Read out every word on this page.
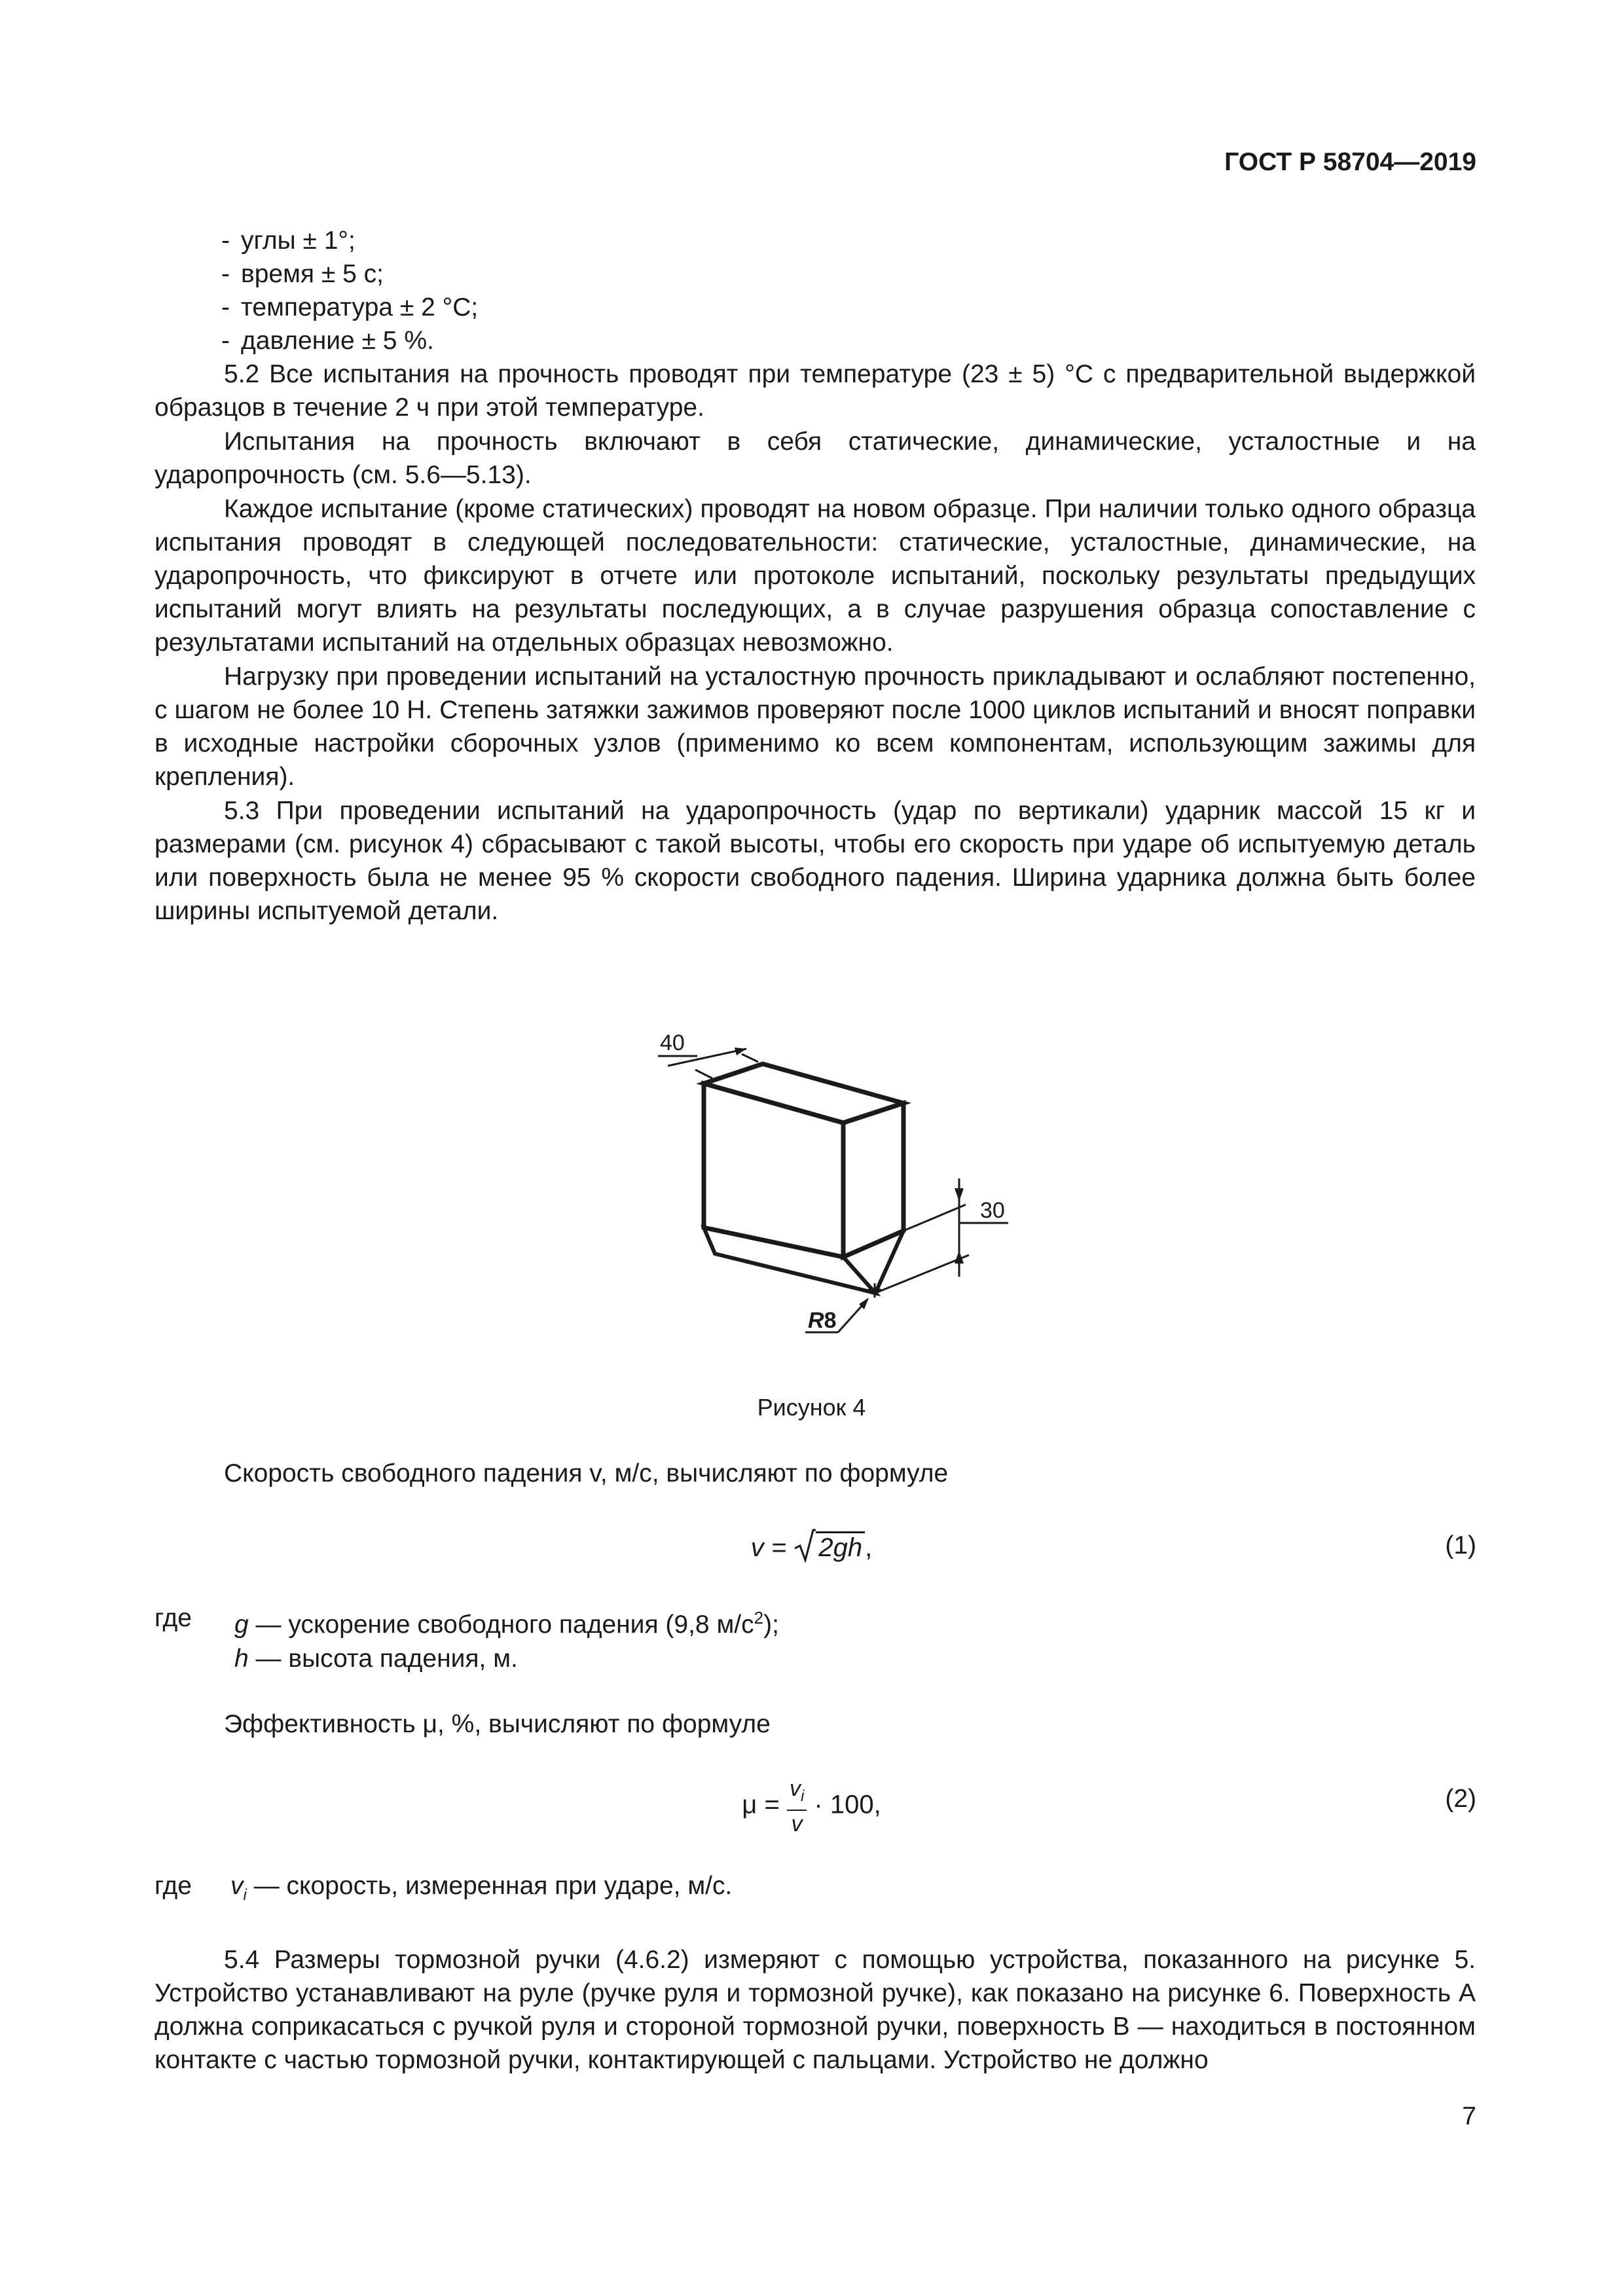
ГОСТ Р 58704—2019
- углы ± 1°;
- время ± 5 с;
- температура ± 2 °С;
- давление ± 5 %.

5.2 Все испытания на прочность проводят при температуре (23 ± 5) °С с предварительной выдержкой образцов в течение 2 ч при этой температуре.

Испытания на прочность включают в себя статические, динамические, усталостные и на ударопрочность (см. 5.6—5.13).

Каждое испытание (кроме статических) проводят на новом образце. При наличии только одного образца испытания проводят в следующей последовательности: статические, усталостные, динамические, на ударопрочность, что фиксируют в отчете или протоколе испытаний, поскольку результаты предыдущих испытаний могут влиять на результаты последующих, а в случае разрушения образца сопоставление с результатами испытаний на отдельных образцах невозможно.

Нагрузку при проведении испытаний на усталостную прочность прикладывают и ослабляют постепенно, с шагом не более 10 Н. Степень затяжки зажимов проверяют после 1000 циклов испытаний и вносят поправки в исходные настройки сборочных узлов (применимо ко всем компонентам, использующим зажимы для крепления).

5.3 При проведении испытаний на ударопрочность (удар по вертикали) ударник массой 15 кг и размерами (см. рисунок 4) сбрасывают с такой высоты, чтобы его скорость при ударе об испытуемую деталь или поверхность была не менее 95 % скорости свободного падения. Ширина ударника должна быть более ширины испытуемой детали.

40
30
R8
Рисунок 4
Скорость свободного падения v, м/с, вычисляют по формуле
v = 2gh ,	(1)
где	g — ускорение свободного падения (9,8 $м/с^2$);
h — высота падения, м.
Эффективность μ, %, вычисляют по формуле
$\mu = \frac{v_i}{v} \cdot 100$,	(2)
где	$v_i$ — скорость, измеренная при ударе, м/с.

5.4 Размеры тормозной ручки (4.6.2) измеряют с помощью устройства, показанного на рисунке 5. Устройство устанавливают на руле (ручке руля и тормозной ручке), как показано на рисунке 6. Поверхность A должна соприкасаться с ручкой руля и стороной тормозной ручки, поверхность B — находиться в постоянном контакте с частью тормозной ручки, контактирующей с пальцами. Устройство не должно

7
